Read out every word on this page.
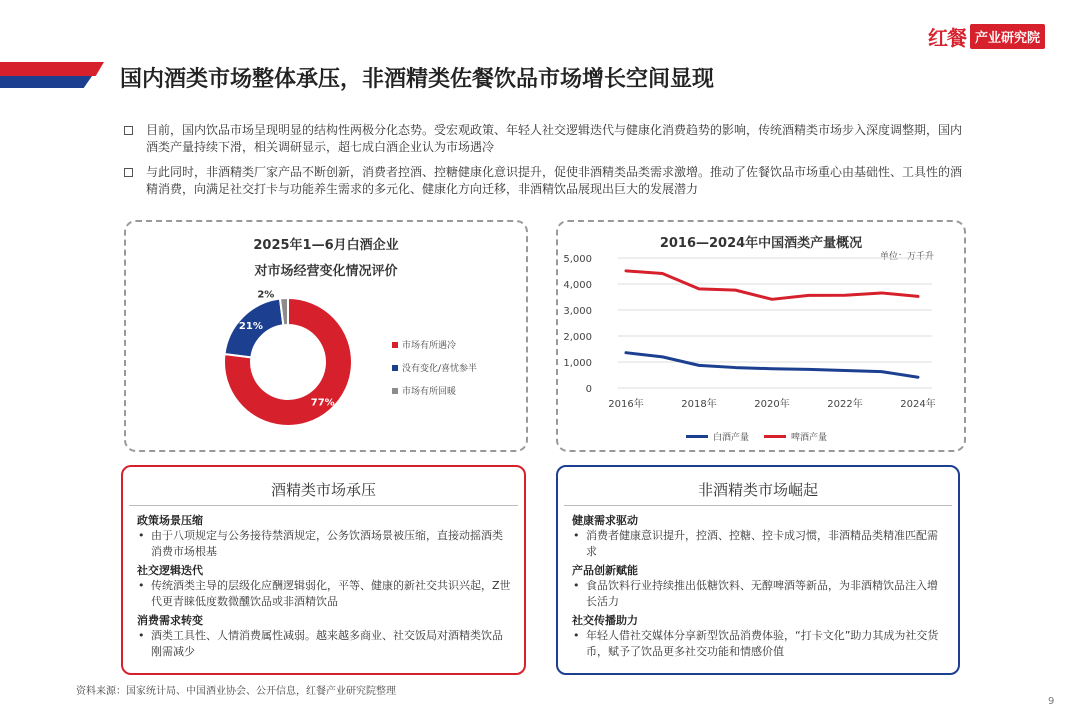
红餐 产业研究院
国内酒类市场整体承压，非酒精类佐餐饮品市场增长空间显现
目前，国内饮品市场呈现明显的结构性两极分化态势。受宏观政策、年轻人社交逻辑迭代与健康化消费趋势的影响，传统酒精类市场步入深度调整期，国内酒类产量持续下滑，相关调研显示，超七成白酒企业认为市场遇冷
与此同时，非酒精类厂家产品不断创新，消费者控酒、控糖健康化意识提升，促使非酒精类品类需求激增。推动了佐餐饮品市场重心由基础性、工具性的酒精消费，向满足社交打卡与功能养生需求的多元化、健康化方向迁移，非酒精饮品展现出巨大的发展潜力
2025年1—6月白酒企业
对市场经营变化情况评价
77%
21%
2%
市场有所遇冷
没有变化/喜忧参半
市场有所回暖
2016—2024年中国酒类产量概况
单位：万千升
0
1,000
2,000
3,000
4,000
5,000
2016年	2018年	2020年	2022年	2024年
白酒产量	啤酒产量
酒精类市场承压
政策场景压缩
• 由于八项规定与公务接待禁酒规定，公务饮酒场景被压缩，直接动摇酒类消费市场根基
社交逻辑迭代
• 传统酒类主导的层级化应酬逻辑弱化，平等、健康的新社交共识兴起，Z世代更青睐低度数微醺饮品或非酒精饮品
消费需求转变
• 酒类工具性、人情消费属性减弱。越来越多商业、社交饭局对酒精类饮品刚需减少
非酒精类市场崛起
健康需求驱动
• 消费者健康意识提升，控酒、控糖、控卡成习惯，非酒精品类精准匹配需求
产品创新赋能
• 食品饮料行业持续推出低糖饮料、无醇啤酒等新品，为非酒精饮品注入增长活力
社交传播助力
• 年轻人借社交媒体分享新型饮品消费体验，“打卡文化”助力其成为社交货币，赋予了饮品更多社交功能和情感价值
资料来源：国家统计局、中国酒业协会、公开信息，红餐产业研究院整理
9
